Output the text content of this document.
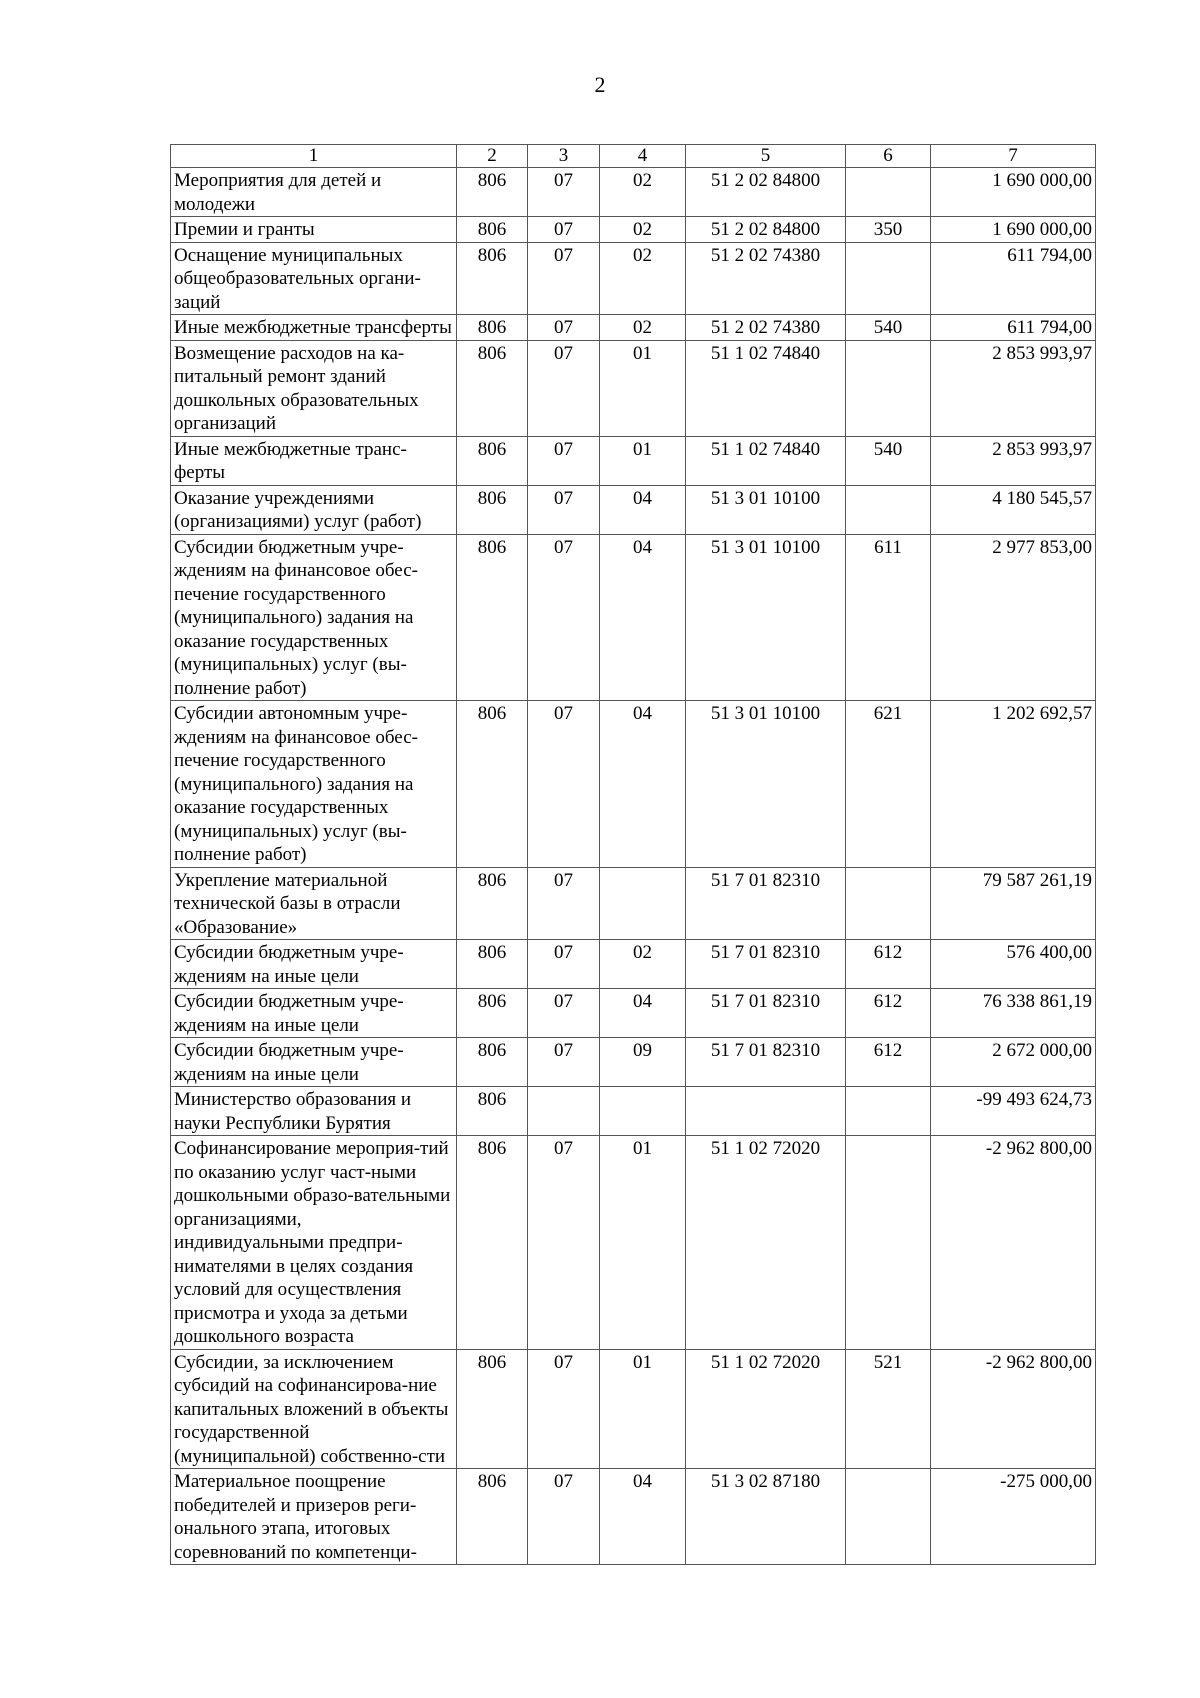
2
1	2	3	4	5	6	7
Мероприятия для детей и молодежи	806	07	02	51 2 02 84800		1 690 000,00
Премии и гранты	806	07	02	51 2 02 84800	350	1 690 000,00
Оснащение муниципальных общеобразовательных органи-заций	806	07	02	51 2 02 74380		611 794,00
Иные межбюджетные трансферты	806	07	02	51 2 02 74380	540	611 794,00
Возмещение расходов на ка-питальный ремонт зданий дошкольных образовательных организаций	806	07	01	51 1 02 74840		2 853 993,97
Иные межбюджетные транс-ферты	806	07	01	51 1 02 74840	540	2 853 993,97
Оказание учреждениями (организациями) услуг (работ)	806	07	04	51 3 01 10100		4 180 545,57
Субсидии бюджетным учре-ждениям на финансовое обес-печение государственного (муниципального) задания на оказание государственных (муниципальных) услуг (вы-полнение работ)	806	07	04	51 3 01 10100	611	2 977 853,00
Субсидии автономным учре-ждениям на финансовое обес-печение государственного (муниципального) задания на оказание государственных (муниципальных) услуг (вы-полнение работ)	806	07	04	51 3 01 10100	621	1 202 692,57
Укрепление материальной технической базы в отрасли «Образование»	806	07		51 7 01 82310		79 587 261,19
Субсидии бюджетным учре-ждениям на иные цели	806	07	02	51 7 01 82310	612	576 400,00
Субсидии бюджетным учре-ждениям на иные цели	806	07	04	51 7 01 82310	612	76 338 861,19
Субсидии бюджетным учре-ждениям на иные цели	806	07	09	51 7 01 82310	612	2 672 000,00
Министерство образования и науки Республики Бурятия	806					-99 493 624,73
Софинансирование мероприя-тий по оказанию услуг част-ными дошкольными образо-вательными организациями, индивидуальными предпри-нимателями в целях создания условий для осуществления присмотра и ухода за детьми дошкольного возраста	806	07	01	51 1 02 72020		-2 962 800,00
Субсидии, за исключением субсидий на софинансирова-ние капитальных вложений в объекты государственной (муниципальной) собственно-сти	806	07	01	51 1 02 72020	521	-2 962 800,00
Материальное поощрение победителей и призеров реги-онального этапа, итоговых соревнований по компетенци-	806	07	04	51 3 02 87180		-275 000,00
